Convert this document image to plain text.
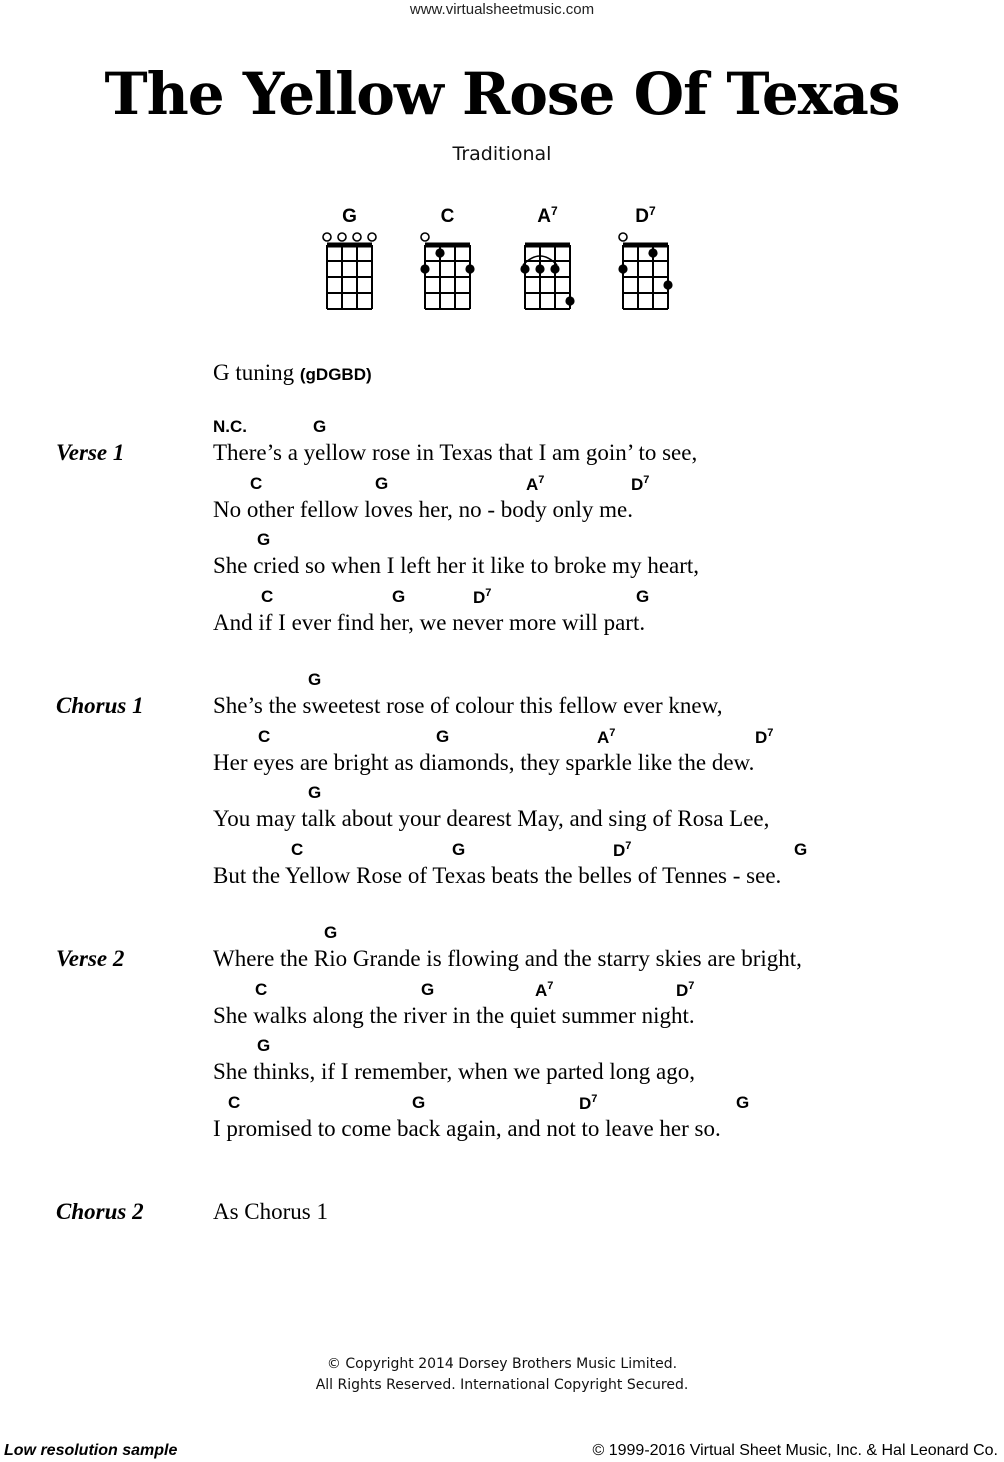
www.virtualsheetmusic.com
The Yellow Rose Of Texas
Traditional
G	C	$A^7$	$D^7$
G tuning (gDGBD)
Verse 1	There’s a yellow rose in Texas that I am goin’ to see,
N.C.	G
No other fellow loves her, no - body only me.
C	G	$A^7$	$D^7$
She cried so when I left her it like to broke my heart,
G
And if I ever find her, we never more will part.
C	G	$D^7$	G
Chorus 1	She’s the sweetest rose of colour this fellow ever knew,
G
Her eyes are bright as diamonds, they sparkle like the dew.
C	G	$A^7$	$D^7$
You may talk about your dearest May, and sing of Rosa Lee,
G
But the Yellow Rose of Texas beats the belles of Tennes - see.
C	G	$D^7$	G
Verse 2	Where the Rio Grande is flowing and the starry skies are bright,
G
She walks along the river in the quiet summer night.
C	G	$A^7$	$D^7$
She thinks, if I remember, when we parted long ago,
G
I promised to come back again, and not to leave her so.
C	G	$D^7$	G
Chorus 2	As Chorus 1
© Copyright 2014 Dorsey Brothers Music Limited.
All Rights Reserved. International Copyright Secured.
Low resolution sample	© 1999-2016 Virtual Sheet Music, Inc. & Hal Leonard Co.
